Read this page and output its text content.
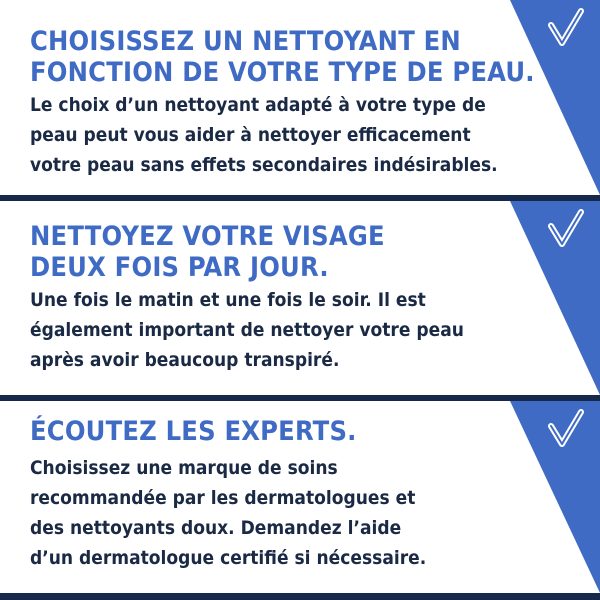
CHOISISSEZ UN NETTOYANT EN
FONCTION DE VOTRE TYPE DE PEAU.

Le choix d’un nettoyant adapté à votre type de
peau peut vous aider à nettoyer efficacement
votre peau sans effets secondaires indésirables.

NETTOYEZ VOTRE VISAGE
DEUX FOIS PAR JOUR.

Une fois le matin et une fois le soir. Il est
également important de nettoyer votre peau
après avoir beaucoup transpiré.

ÉCOUTEZ LES EXPERTS.

Choisissez une marque de soins
recommandée par les dermatologues et
des nettoyants doux. Demandez l’aide
d’un dermatologue certifié si nécessaire.
